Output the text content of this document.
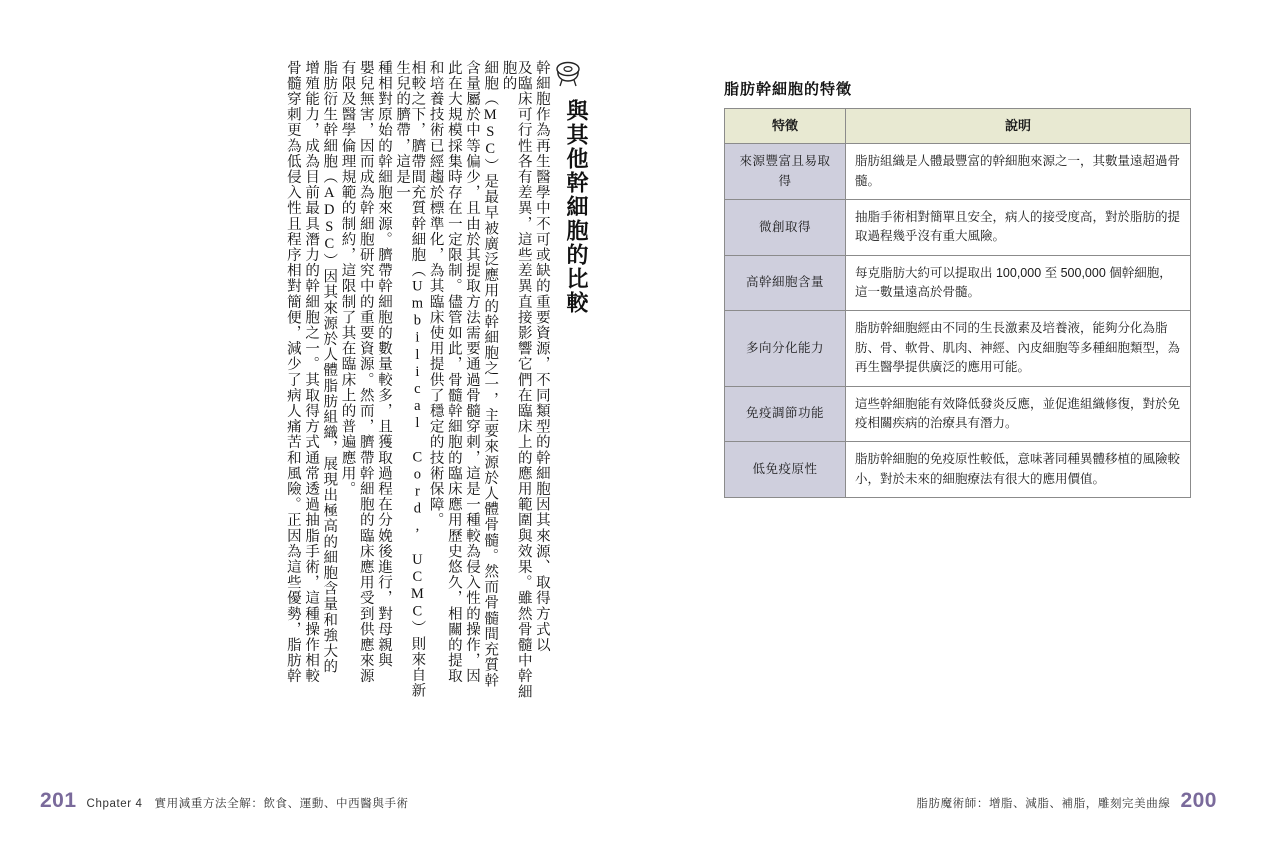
與其他幹細胞的比較
幹細胞作為再生醫學中不可或缺的重要資源，不同類型的幹細胞因其來源、取得方式以
及臨床可行性各有差異，這些差異直接影響它們在臨床上的應用範圍與效果。雖然骨髓中幹細胞的
細胞（MSC）是最早被廣泛應用的幹細胞之一，主要來源於人體骨髓。然而骨髓間充質幹
含量屬於中等偏少，且由於其提取方法需要通過骨髓穿刺，這是一種較為侵入性的操作，因
此在大規模採集時存在一定限制。儘管如此，骨髓幹細胞的臨床應用歷史悠久，相關的提取
和培養技術已經趨於標準化，為其臨床使用提供了穩定的技術保障。
相較之下，臍帶間充質幹細胞（Umbilical Cord, UCMC）則來自新生兒的臍帶，這是一
種相對原始的幹細胞來源。臍帶幹細胞的數量較多，且獲取過程在分娩後進行，對母親與
嬰兒無害，因而成為幹細胞研究中的重要資源。然而，臍帶幹細胞的臨床應用受到供應來源
有限及醫學倫理規範的制約，這限制了其在臨床上的普遍應用。
脂肪衍生幹細胞（ADSC）因其來源於人體脂肪組織，展現出極高的細胞含量和強大的
增殖能力，成為目前最具潛力的幹細胞之一。其取得方式通常透過抽脂手術，這種操作相較
骨髓穿刺更為低侵入性且程序相對簡便，減少了病人痛苦和風險。正因為這些優勢，脂肪幹
201 Chpater 4　實用減重方法全解：飲食、運動、中西醫與手術
脂肪幹細胞的特徵
特徵	說明
來源豐富且易取得	脂肪組織是人體最豐富的幹細胞來源之一，其數量遠超過骨髓。
微創取得	抽脂手術相對簡單且安全，病人的接受度高，對於脂肪的提取過程幾乎沒有重大風險。
高幹細胞含量	每克脂肪大約可以提取出 100,000 至 500,000 個幹細胞，這一數量遠高於骨髓。
多向分化能力	脂肪幹細胞經由不同的生長激素及培養液，能夠分化為脂肪、骨、軟骨、肌肉、神經、內皮細胞等多種細胞類型，為再生醫學提供廣泛的應用可能。
免疫調節功能	這些幹細胞能有效降低發炎反應，並促進組織修復，對於免疫相關疾病的治療具有潛力。
低免疫原性	脂肪幹細胞的免疫原性較低，意味著同種異體移植的風險較小，對於未來的細胞療法有很大的應用價值。
脂肪魔術師：增脂、減脂、補脂，雕刻完美曲線 200
